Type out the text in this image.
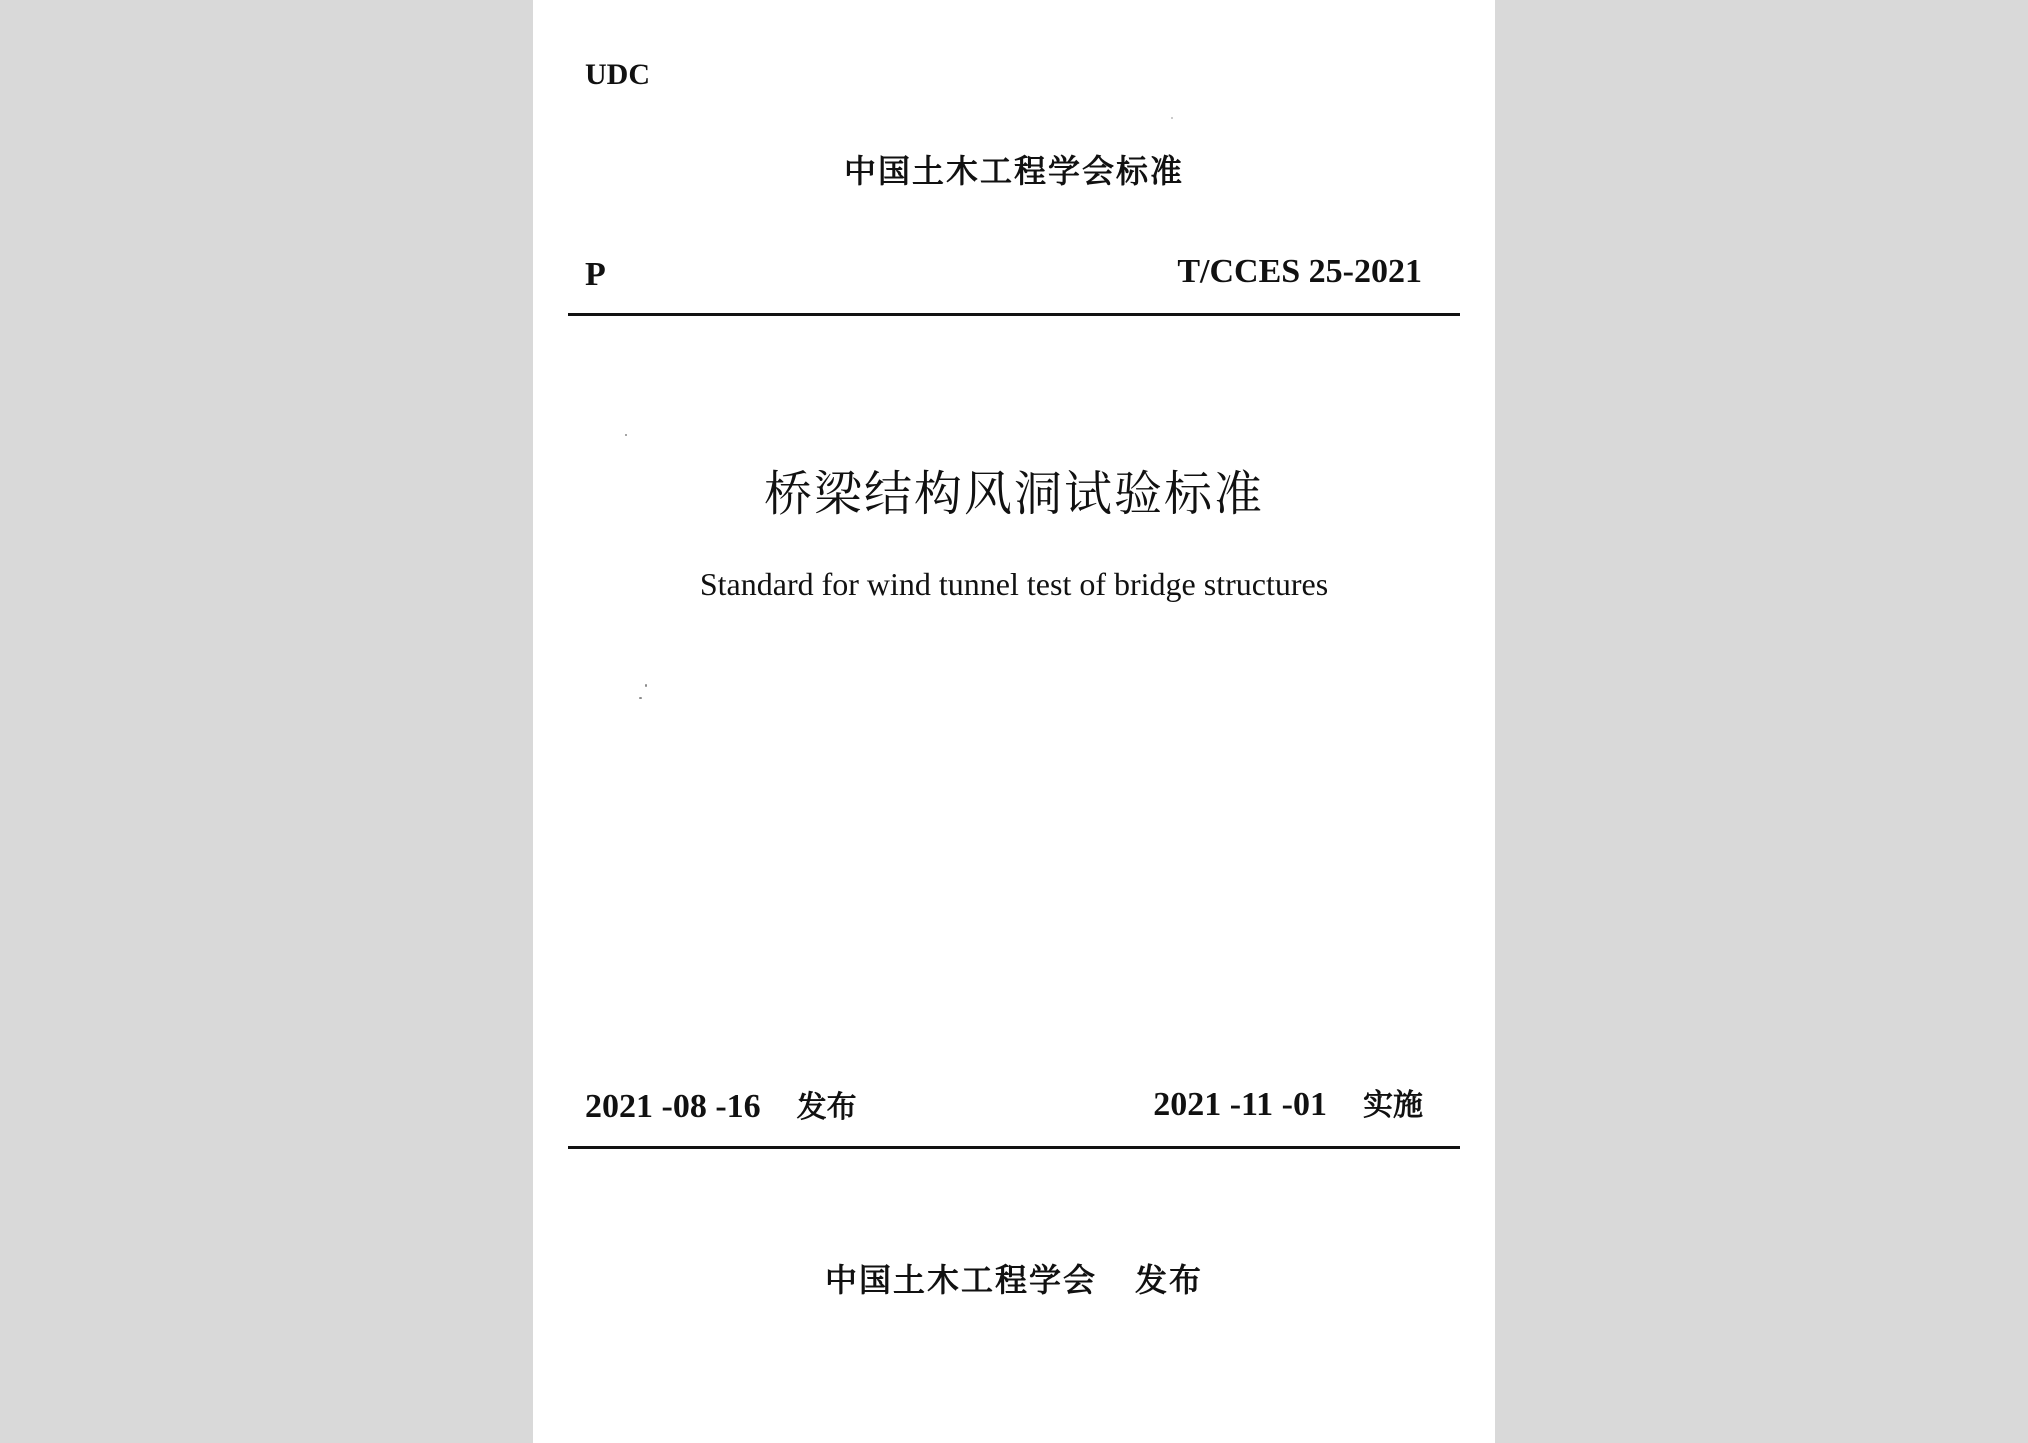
UDC
中国土木工程学会标准
P	T/CCES 25-2021
桥梁结构风洞试验标准
Standard for wind tunnel test of bridge structures
2021 -08 -16 发布	2021 -11 -01 实施
中国土木工程学会 发布
